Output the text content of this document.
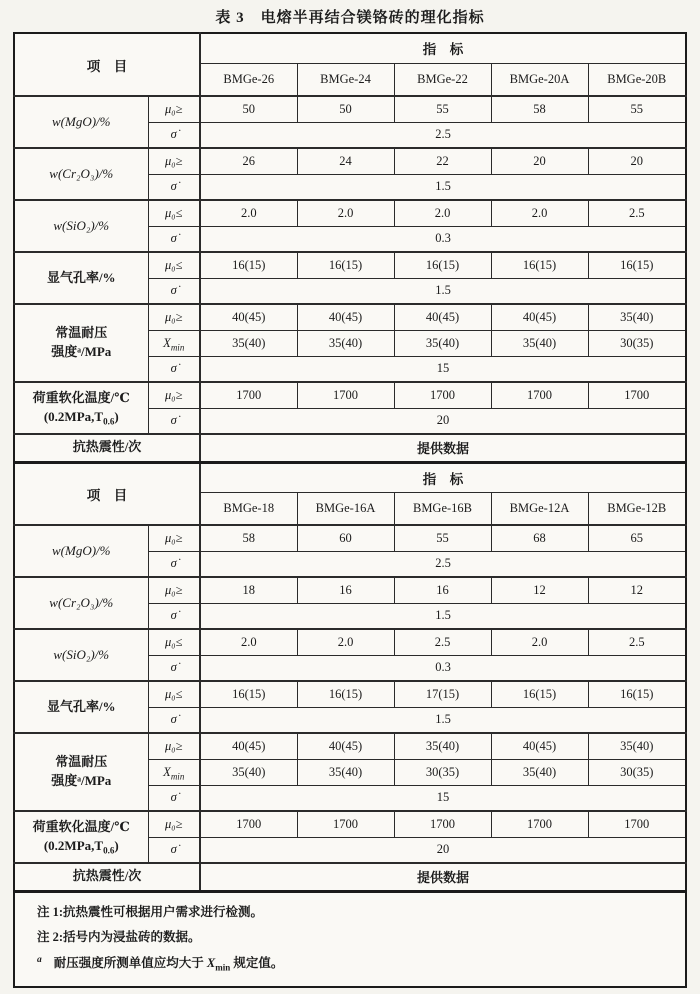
表 3　电熔半再结合镁铬砖的理化指标
项　目		指　标				
		BMGe-26	BMGe-24	BMGe-22	BMGe-20A	BMGe-20B
w(MgO)/%	μ₀≥	50	50	55	58	55
	σ̇	2.5				
w(Cr₂O₃)/%	μ₀≥	26	24	22	20	20
	σ̇	1.5				
w(SiO₂)/%	μ₀≤	2.0	2.0	2.0	2.0	2.5
	σ̇	0.3				
显气孔率/%	μ₀≤	16(15)	16(15)	16(15)	16(15)	16(15)
	σ̇	1.5				
常温耐压
强度ᵃ/MPa	μ₀≥	40(45)	40(45)	40(45)	40(45)	35(40)
	$X_{min}$	35(40)	35(40)	35(40)	35(40)	30(35)
	σ̇	15				
荷重软化温度/℃
$(0.2MPa,T_{0.6})$	μ₀≥	1700	1700	1700	1700	1700
	σ̇	20				
抗热震性/次		提供数据				
项　目		指　标				
		BMGe-18	BMGe-16A	BMGe-16B	BMGe-12A	BMGe-12B
w(MgO)/%	μ₀≥	58	60	55	68	65
	σ̇	2.5				
w(Cr₂O₃)/%	μ₀≥	18	16	16	12	12
	σ̇	1.5				
w(SiO₂)/%	μ₀≤	2.0	2.0	2.5	2.0	2.5
	σ̇	0.3				
显气孔率/%	μ₀≤	16(15)	16(15)	17(15)	16(15)	16(15)
	σ̇	1.5				
常温耐压
强度ᵃ/MPa	μ₀≥	40(45)	40(45)	35(40)	40(45)	35(40)
	$X_{min}$	35(40)	35(40)	30(35)	35(40)	30(35)
	σ̇	15				
荷重软化温度/℃
$(0.2MPa,T_{0.6})$	μ₀≥	1700	1700	1700	1700	1700
	σ̇	20				
抗热震性/次		提供数据				

注 1:抗热震性可根据用户需求进行检测。
注 2:括号内为浸盐砖的数据。
$^a$ 耐压强度所测单值应均大于 $X_{min}$ 规定值。						
